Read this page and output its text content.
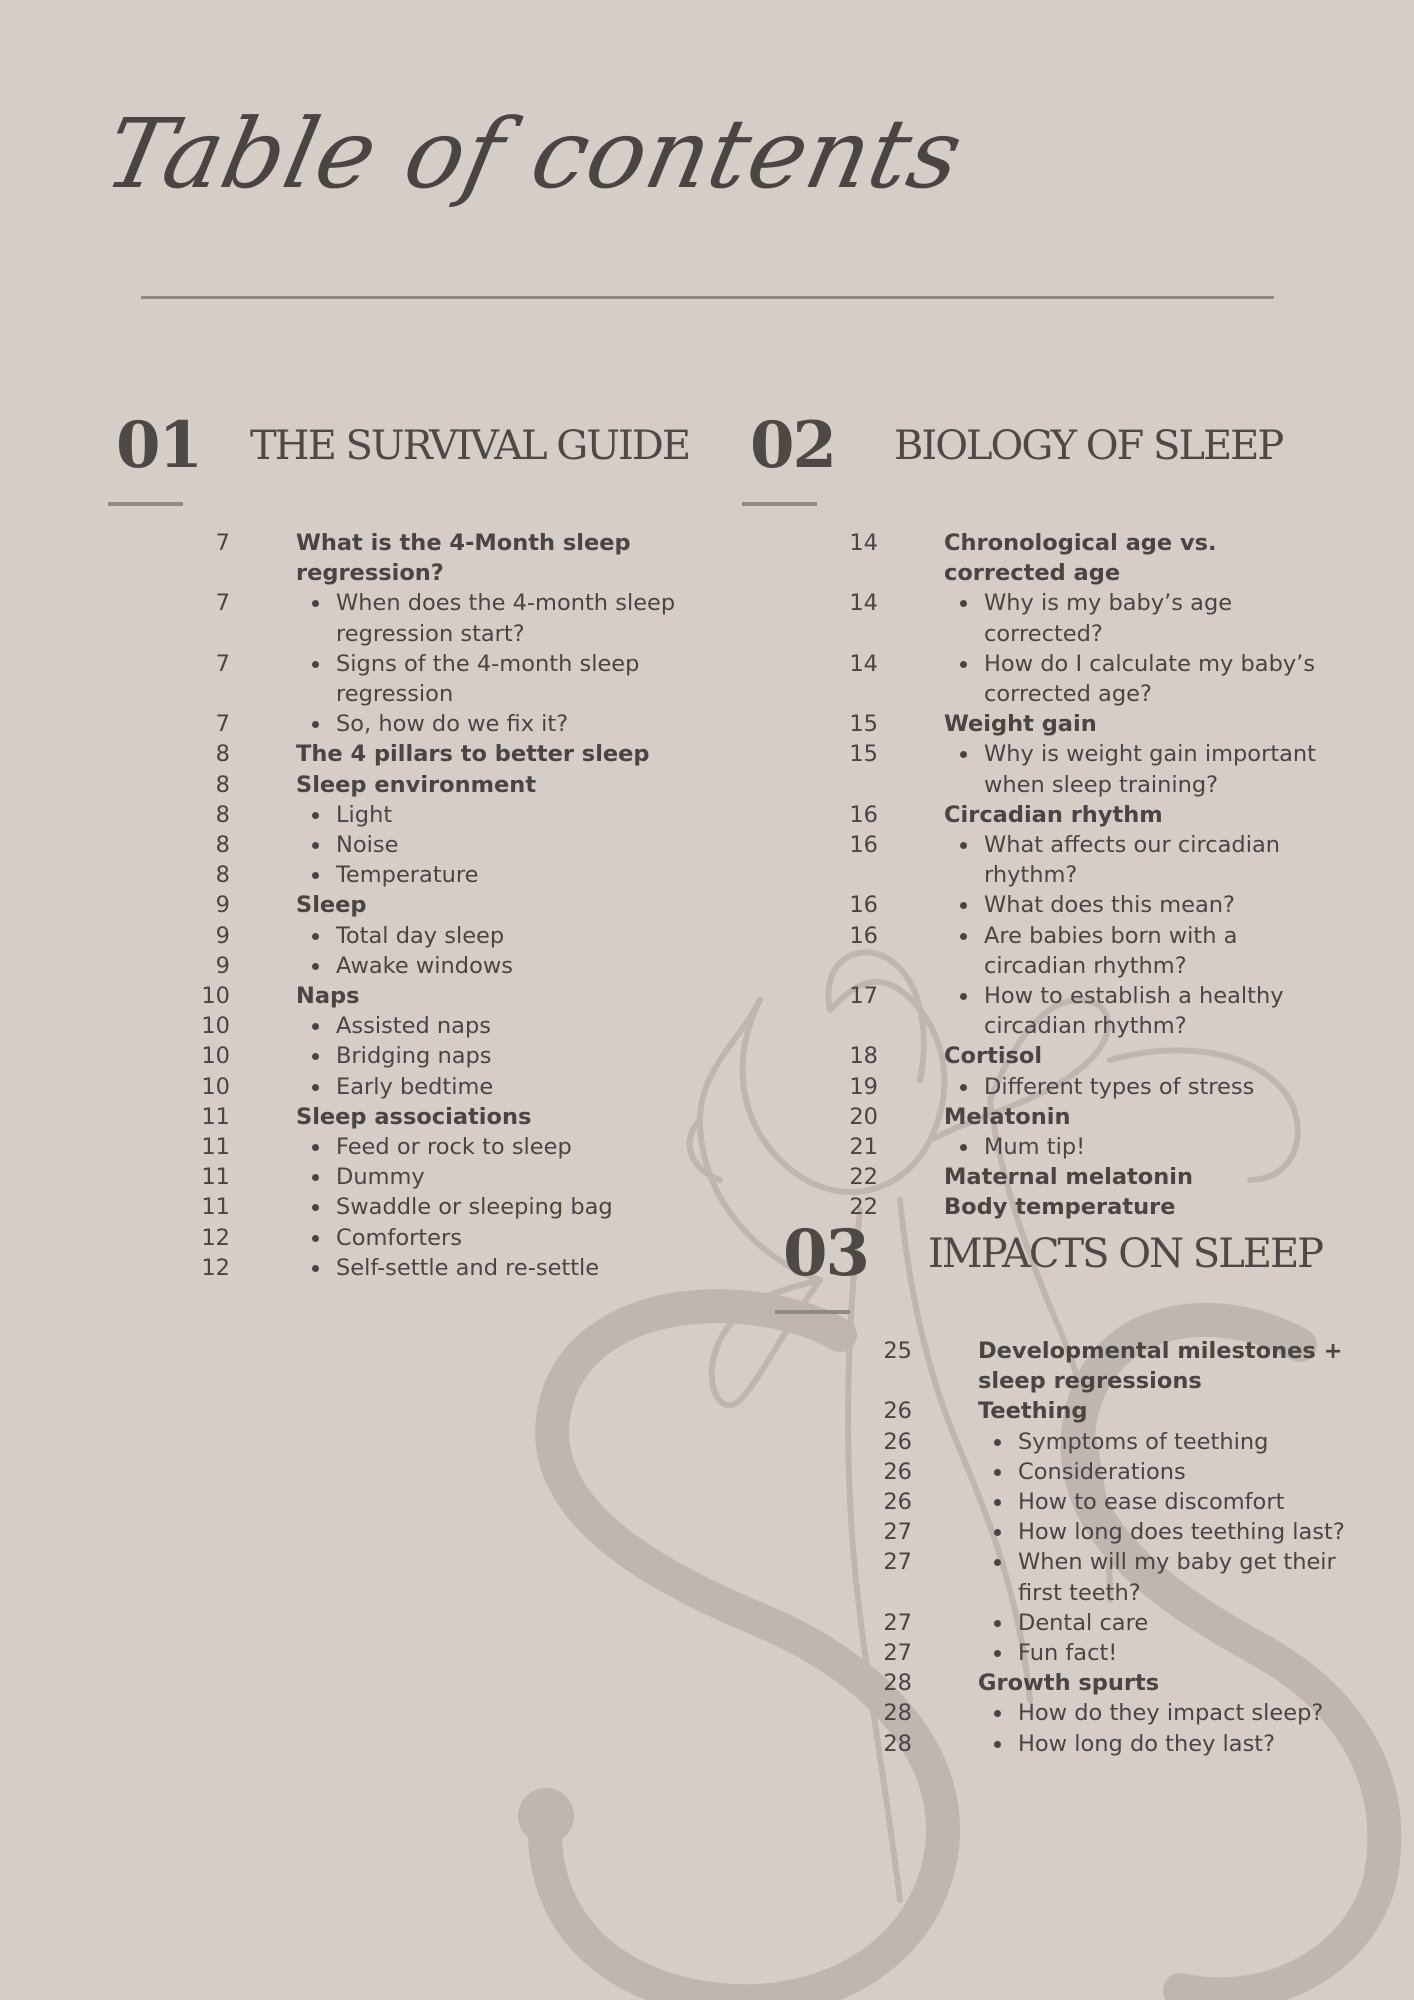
Table of contents
01 THE SURVIVAL GUIDE
7	What is the 4-Month sleep regression?
7	When does the 4-month sleep regression start?
7	Signs of the 4-month sleep regression
7	So, how do we fix it?
8	The 4 pillars to better sleep
8	Sleep environment
8	Light
8	Noise
8	Temperature
9	Sleep
9	Total day sleep
9	Awake windows
10	Naps
10	Assisted naps
10	Bridging naps
10	Early bedtime
11	Sleep associations
11	Feed or rock to sleep
11	Dummy
11	Swaddle or sleeping bag
12	Comforters
12	Self-settle and re-settle
02 BIOLOGY OF SLEEP
14	Chronological age vs. corrected age
14	Why is my baby’s age corrected?
14	How do I calculate my baby’s corrected age?
15	Weight gain
15	Why is weight gain important when sleep training?
16	Circadian rhythm
16	What affects our circadian rhythm?
16	What does this mean?
16	Are babies born with a circadian rhythm?
17	How to establish a healthy circadian rhythm?
18	Cortisol
19	Different types of stress
20	Melatonin
21	Mum tip!
22	Maternal melatonin
22	Body temperature
03 IMPACTS ON SLEEP
25	Developmental milestones + sleep regressions
26	Teething
26	Symptoms of teething
26	Considerations
26	How to ease discomfort
27	How long does teething last?
27	When will my baby get their first teeth?
27	Dental care
27	Fun fact!
28	Growth spurts
28	How do they impact sleep?
28	How long do they last?
